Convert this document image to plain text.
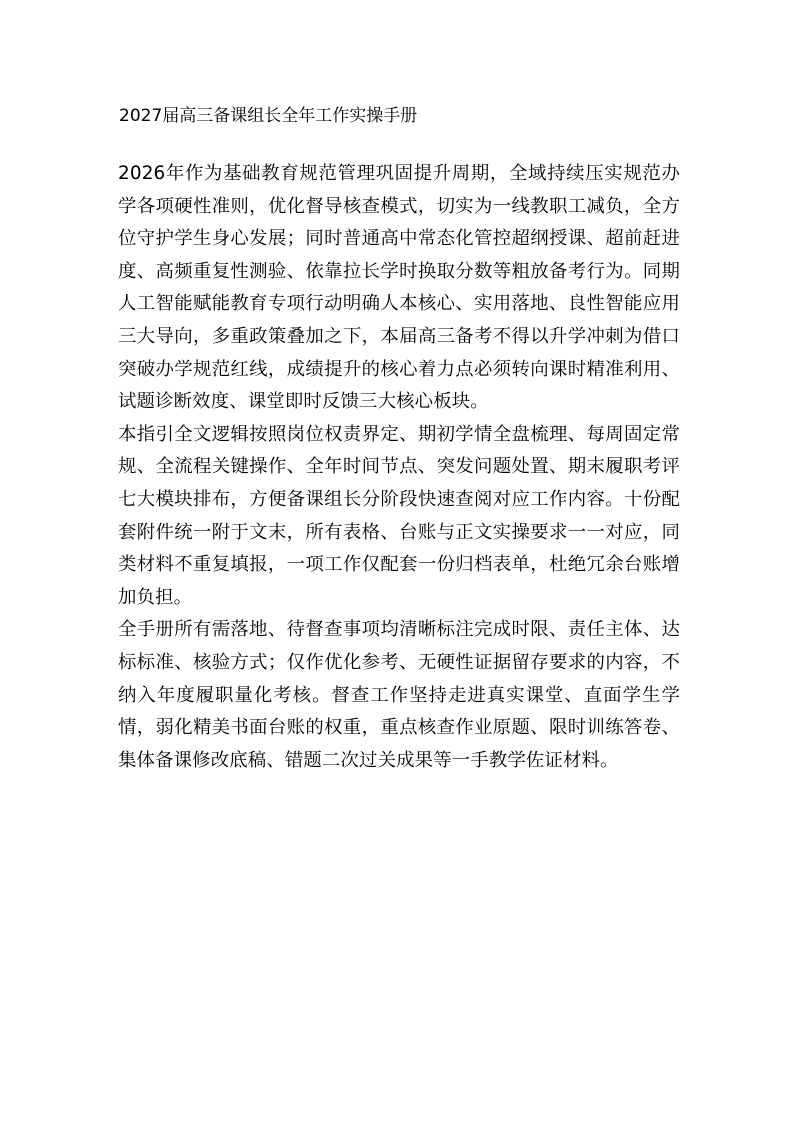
2027届高三备课组长全年工作实操手册

2026年作为基础教育规范管理巩固提升周期，全域持续压实规范办学各项硬性准则，优化督导核查模式，切实为一线教职工减负，全方位守护学生身心发展；同时普通高中常态化管控超纲授课、超前赶进度、高频重复性测验、依靠拉长学时换取分数等粗放备考行为。同期人工智能赋能教育专项行动明确人本核心、实用落地、良性智能应用三大导向，多重政策叠加之下，本届高三备考不得以升学冲刺为借口突破办学规范红线，成绩提升的核心着力点必须转向课时精准利用、试题诊断效度、课堂即时反馈三大核心板块。

本指引全文逻辑按照岗位权责界定、期初学情全盘梳理、每周固定常规、全流程关键操作、全年时间节点、突发问题处置、期末履职考评七大模块排布，方便备课组长分阶段快速查阅对应工作内容。十份配套附件统一附于文末，所有表格、台账与正文实操要求一一对应，同类材料不重复填报，一项工作仅配套一份归档表单，杜绝冗余台账增加负担。

全手册所有需落地、待督查事项均清晰标注完成时限、责任主体、达标标准、核验方式；仅作优化参考、无硬性证据留存要求的内容，不纳入年度履职量化考核。督查工作坚持走进真实课堂、直面学生学情，弱化精美书面台账的权重，重点核查作业原题、限时训练答卷、集体备课修改底稿、错题二次过关成果等一手教学佐证材料。
